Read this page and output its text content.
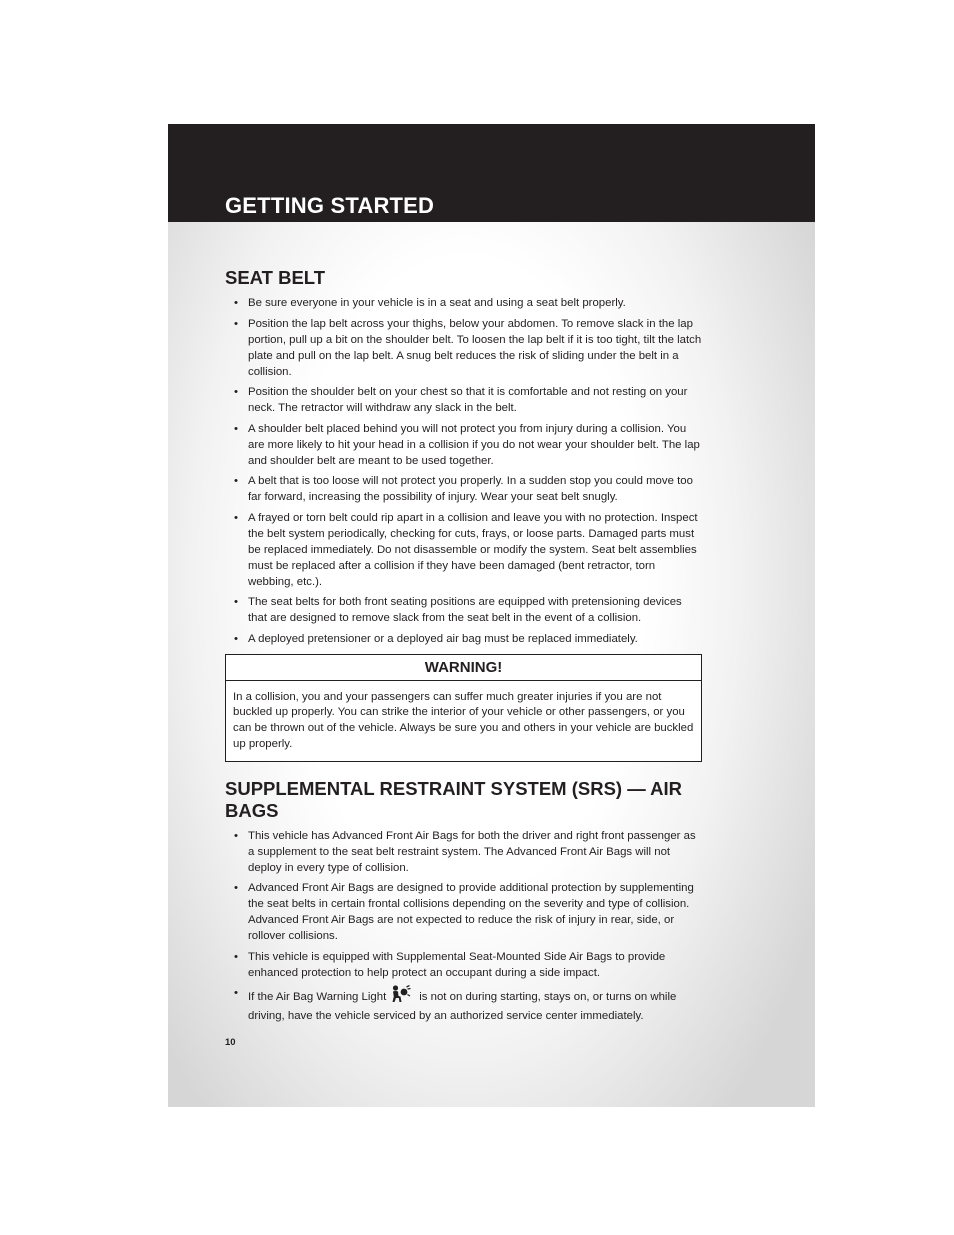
GETTING STARTED
SEAT BELT
• Be sure everyone in your vehicle is in a seat and using a seat belt properly.
• Position the lap belt across your thighs, below your abdomen. To remove slack in the lap portion, pull up a bit on the shoulder belt. To loosen the lap belt if it is too tight, tilt the latch plate and pull on the lap belt. A snug belt reduces the risk of sliding under the belt in a collision.
• Position the shoulder belt on your chest so that it is comfortable and not resting on your neck. The retractor will withdraw any slack in the belt.
• A shoulder belt placed behind you will not protect you from injury during a collision. You are more likely to hit your head in a collision if you do not wear your shoulder belt. The lap and shoulder belt are meant to be used together.
• A belt that is too loose will not protect you properly. In a sudden stop you could move too far forward, increasing the possibility of injury. Wear your seat belt snugly.
• A frayed or torn belt could rip apart in a collision and leave you with no protection. Inspect the belt system periodically, checking for cuts, frays, or loose parts. Damaged parts must be replaced immediately. Do not disassemble or modify the system. Seat belt assemblies must be replaced after a collision if they have been damaged (bent retractor, torn webbing, etc.).
• The seat belts for both front seating positions are equipped with pretensioning devices that are designed to remove slack from the seat belt in the event of a collision.
• A deployed pretensioner or a deployed air bag must be replaced immediately.
WARNING!
In a collision, you and your passengers can suffer much greater injuries if you are not buckled up properly. You can strike the interior of your vehicle or other passengers, or you can be thrown out of the vehicle. Always be sure you and others in your vehicle are buckled up properly.
SUPPLEMENTAL RESTRAINT SYSTEM (SRS) — AIR BAGS
• This vehicle has Advanced Front Air Bags for both the driver and right front passenger as a supplement to the seat belt restraint system. The Advanced Front Air Bags will not deploy in every type of collision.
• Advanced Front Air Bags are designed to provide additional protection by supplementing the seat belts in certain frontal collisions depending on the severity and type of collision. Advanced Front Air Bags are not expected to reduce the risk of injury in rear, side, or rollover collisions.
• This vehicle is equipped with Supplemental Seat-Mounted Side Air Bags to provide enhanced protection to help protect an occupant during a side impact.
• If the Air Bag Warning Light	is not on during starting, stays on, or turns on while driving, have the vehicle serviced by an authorized service center immediately.
10
